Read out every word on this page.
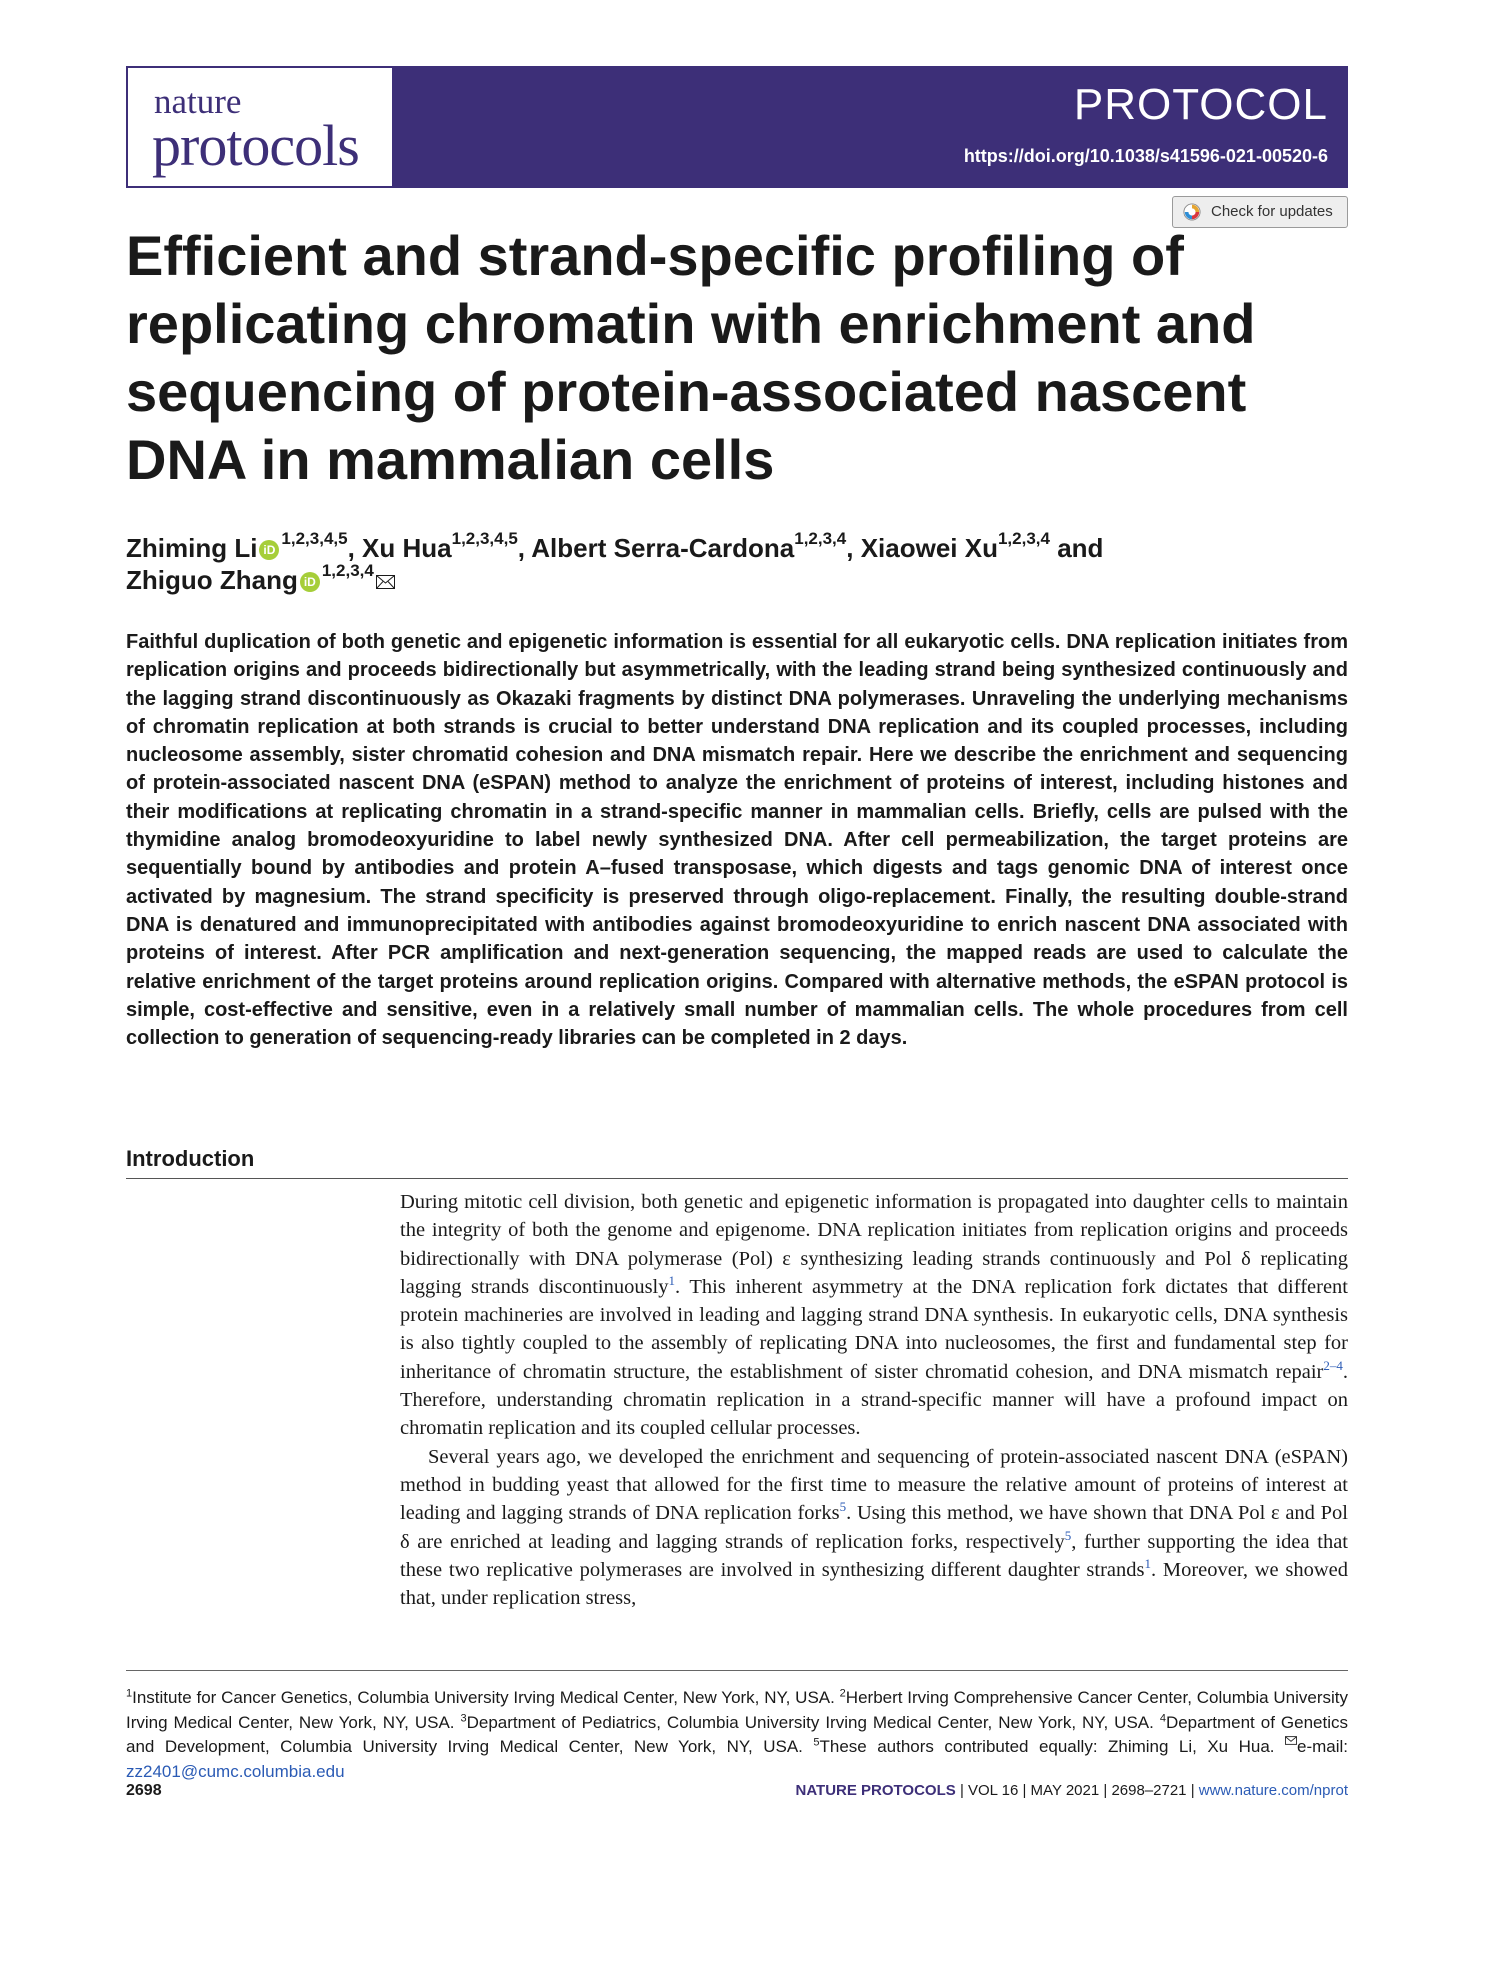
nature
protocols
PROTOCOL
https://doi.org/10.1038/s41596-021-00520-6
Check for updates
Efficient and strand-specific profiling of replicating chromatin with enrichment and sequencing of protein-associated nascent DNA in mammalian cells
Zhiming Li iD$^{1,2,3,4,5}$, Xu Hua$^{1,2,3,4,5}$, Albert Serra-Cardona$^{1,2,3,4}$, Xiaowei Xu$^{1,2,3,4}$ and
Zhiguo Zhang iD$^{1,2,3,4}$

Faithful duplication of both genetic and epigenetic information is essential for all eukaryotic cells. DNA replication initiates from replication origins and proceeds bidirectionally but asymmetrically, with the leading strand being synthesized continuously and the lagging strand discontinuously as Okazaki fragments by distinct DNA polymerases. Unraveling the underlying mechanisms of chromatin replication at both strands is crucial to better understand DNA replication and its coupled processes, including nucleosome assembly, sister chromatid cohesion and DNA mismatch repair. Here we describe the enrichment and sequencing of protein-associated nascent DNA (eSPAN) method to analyze the enrichment of proteins of interest, including histones and their modifications at replicating chromatin in a strand-specific manner in mammalian cells. Briefly, cells are pulsed with the thymidine analog bromodeoxyuridine to label newly synthesized DNA. After cell permeabilization, the target proteins are sequentially bound by antibodies and protein A–fused transposase, which digests and tags genomic DNA of interest once activated by magnesium. The strand specificity is preserved through oligo-replacement. Finally, the resulting double-strand DNA is denatured and immunoprecipitated with antibodies against bromodeoxyuridine to enrich nascent DNA associated with proteins of interest. After PCR amplification and next-generation sequencing, the mapped reads are used to calculate the relative enrichment of the target proteins around replication origins. Compared with alternative methods, the eSPAN protocol is simple, cost-effective and sensitive, even in a relatively small number of mammalian cells. The whole procedures from cell collection to generation of sequencing-ready libraries can be completed in 2 days.

Introduction

During mitotic cell division, both genetic and epigenetic information is propagated into daughter cells to maintain the integrity of both the genome and epigenome. DNA replication initiates from replication origins and proceeds bidirectionally with DNA polymerase (Pol) ε synthesizing leading strands continuously and Pol δ replicating lagging strands discontinuously$^1$. This inherent asymmetry at the DNA replication fork dictates that different protein machineries are involved in leading and lagging strand DNA synthesis. In eukaryotic cells, DNA synthesis is also tightly coupled to the assembly of replicating DNA into nucleosomes, the first and fundamental step for inheritance of chromatin structure, the establishment of sister chromatid cohesion, and DNA mismatch repair$^{2-4}$. Therefore, understanding chromatin replication in a strand-specific manner will have a profound impact on chromatin replication and its coupled cellular processes.

Several years ago, we developed the enrichment and sequencing of protein-associated nascent DNA (eSPAN) method in budding yeast that allowed for the first time to measure the relative amount of proteins of interest at leading and lagging strands of DNA replication forks$^5$. Using this method, we have shown that DNA Pol ε and Pol δ are enriched at leading and lagging strands of replication forks, respectively$^5$, further supporting the idea that these two replicative polymerases are involved in synthesizing different daughter strands$^1$. Moreover, we showed that, under replication stress,

$^1$Institute for Cancer Genetics, Columbia University Irving Medical Center, New York, NY, USA. $^2$Herbert Irving Comprehensive Cancer Center, Columbia University Irving Medical Center, New York, NY, USA. $^3$Department of Pediatrics, Columbia University Irving Medical Center, New York, NY, USA. $^4$Department of Genetics and Development, Columbia University Irving Medical Center, New York, NY, USA. $^5$These authors contributed equally: Zhiming Li, Xu Hua. e-mail: zz2401@cumc.columbia.edu
2698	NATURE PROTOCOLS | VOL 16 | MAY 2021 | 2698–2721 | www.nature.com/nprot
